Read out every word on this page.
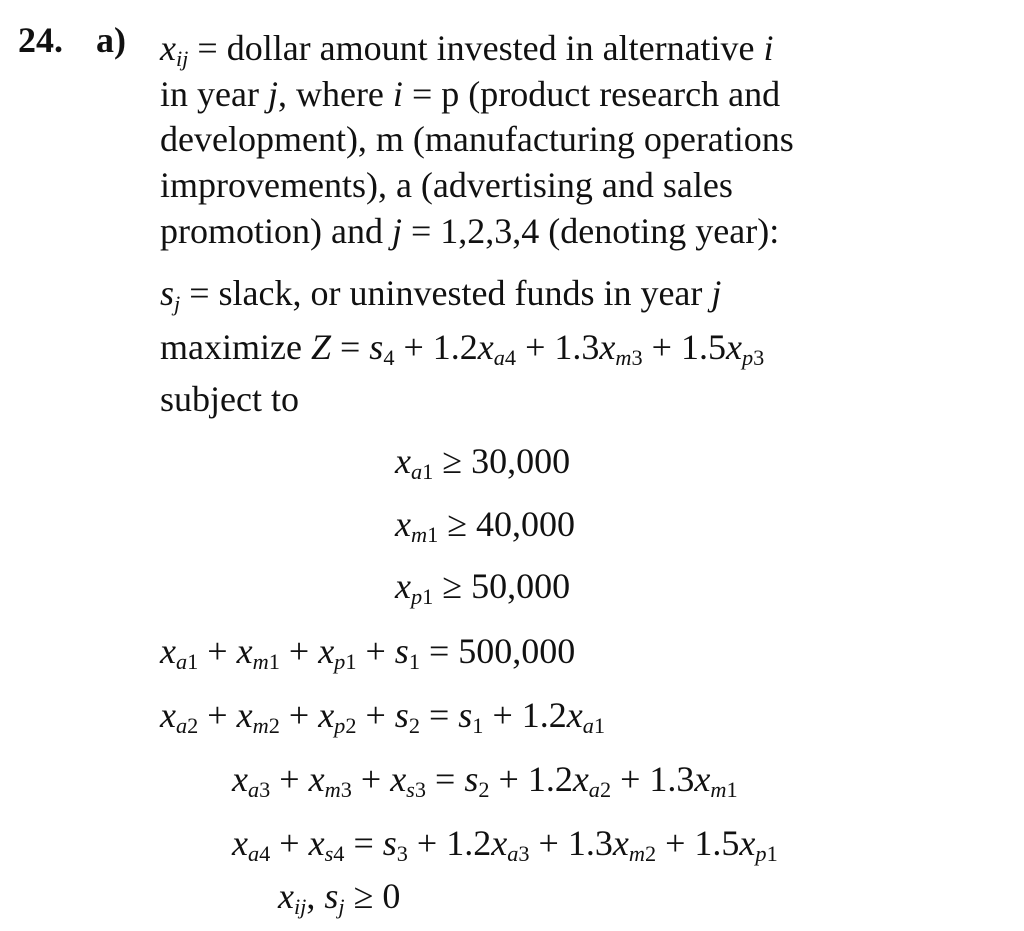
24. a) $x_{ij}$ = dollar amount invested in alternative i
in year j, where i = p (product research and
development), m (manufacturing operations
improvements), a (advertising and sales
promotion) and j = 1,2,3,4 (denoting year):
$s_j$ = slack, or uninvested funds in year j
maximize $Z = s_4 + 1.2x_{a4} + 1.3x_{m3} + 1.5x_{p3}$
subject to
$x_{a1} \ge 30,000$
$x_{m1} \ge 40,000$
$x_{p1} \ge 50,000$
$x_{a1} + x_{m1} + x_{p1} + s_1 = 500,000$
$x_{a2} + x_{m2} + x_{p2} + s_2 = s_1 + 1.2x_{a1}$
$x_{a3} + x_{m3} + x_{s3} = s_2 + 1.2x_{a2} + 1.3x_{m1}$
$x_{a4} + x_{s4} = s_3 + 1.2x_{a3} + 1.3x_{m2} + 1.5x_{p1}$
$x_{ij}$, $s_j \ge 0$
